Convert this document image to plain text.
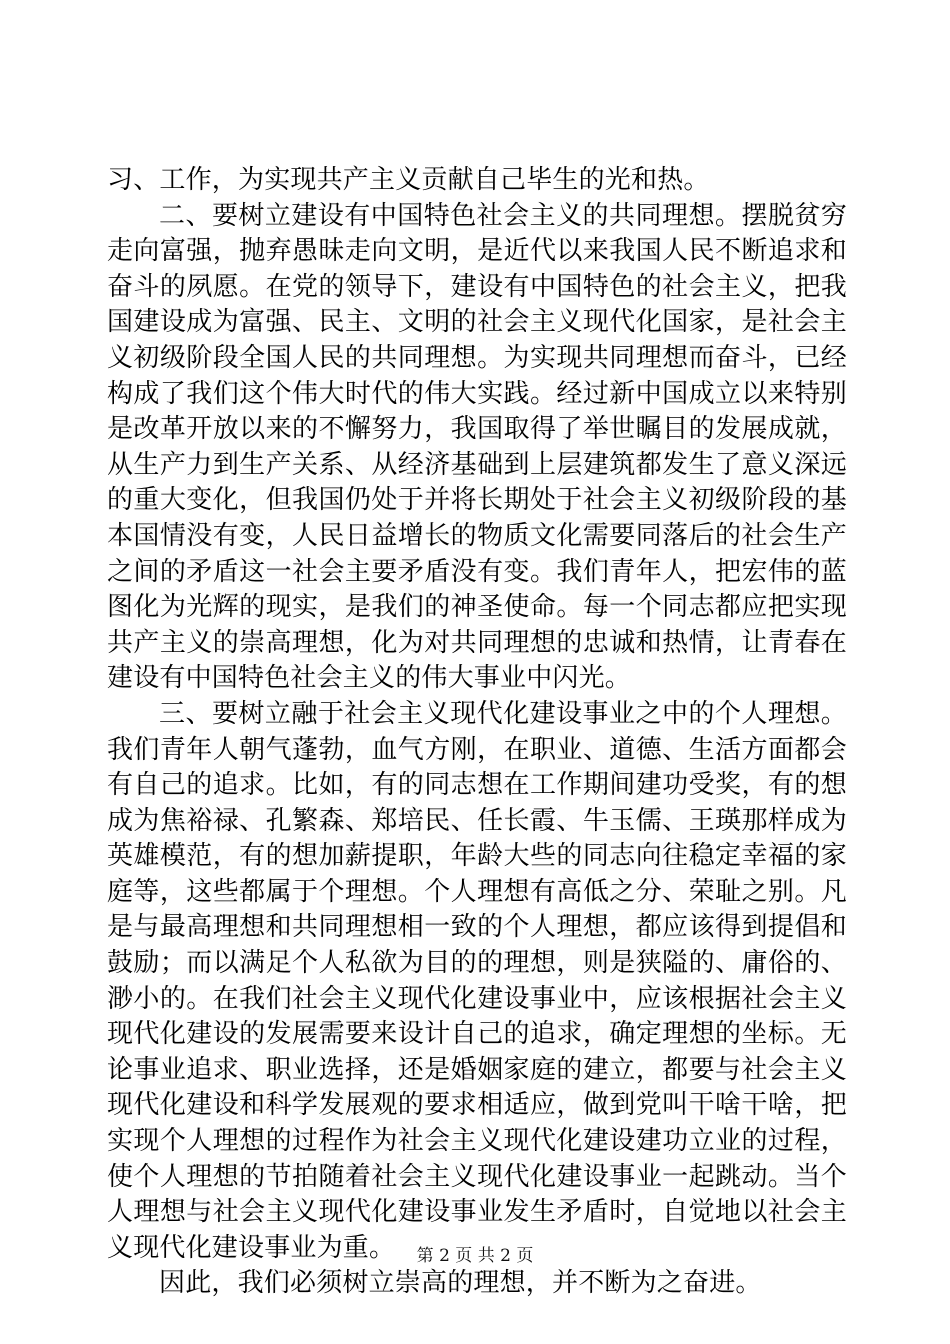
习、工作，为实现共产主义贡献自己毕生的光和热。

二、要树立建设有中国特色社会主义的共同理想。摆脱贫穷走向富强，抛弃愚昧走向文明，是近代以来我国人民不断追求和奋斗的夙愿。在党的领导下，建设有中国特色的社会主义，把我国建设成为富强、民主、文明的社会主义现代化国家，是社会主义初级阶段全国人民的共同理想。为实现共同理想而奋斗，已经构成了我们这个伟大时代的伟大实践。经过新中国成立以来特别是改革开放以来的不懈努力，我国取得了举世瞩目的发展成就，从生产力到生产关系、从经济基础到上层建筑都发生了意义深远的重大变化，但我国仍处于并将长期处于社会主义初级阶段的基本国情没有变，人民日益增长的物质文化需要同落后的社会生产之间的矛盾这一社会主要矛盾没有变。我们青年人，把宏伟的蓝图化为光辉的现实，是我们的神圣使命。每一个同志都应把实现共产主义的崇高理想，化为对共同理想的忠诚和热情，让青春在建设有中国特色社会主义的伟大事业中闪光。

三、要树立融于社会主义现代化建设事业之中的个人理想。我们青年人朝气蓬勃，血气方刚，在职业、道德、生活方面都会有自己的追求。比如，有的同志想在工作期间建功受奖，有的想成为焦裕禄、孔繁森、郑培民、任长霞、牛玉儒、王瑛那样成为英雄模范，有的想加薪提职，年龄大些的同志向往稳定幸福的家庭等，这些都属于个理想。个人理想有高低之分、荣耻之别。凡是与最高理想和共同理想相一致的个人理想，都应该得到提倡和鼓励；而以满足个人私欲为目的的理想，则是狭隘的、庸俗的、渺小的。在我们社会主义现代化建设事业中，应该根据社会主义现代化建设的发展需要来设计自己的追求，确定理想的坐标。无论事业追求、职业选择，还是婚姻家庭的建立，都要与社会主义现代化建设和科学发展观的要求相适应，做到党叫干啥干啥，把实现个人理想的过程作为社会主义现代化建设建功立业的过程，使个人理想的节拍随着社会主义现代化建设事业一起跳动。当个人理想与社会主义现代化建设事业发生矛盾时，自觉地以社会主义现代化建设事业为重。

因此，我们必须树立崇高的理想，并不断为之奋进。

第 2 页 共 2 页
